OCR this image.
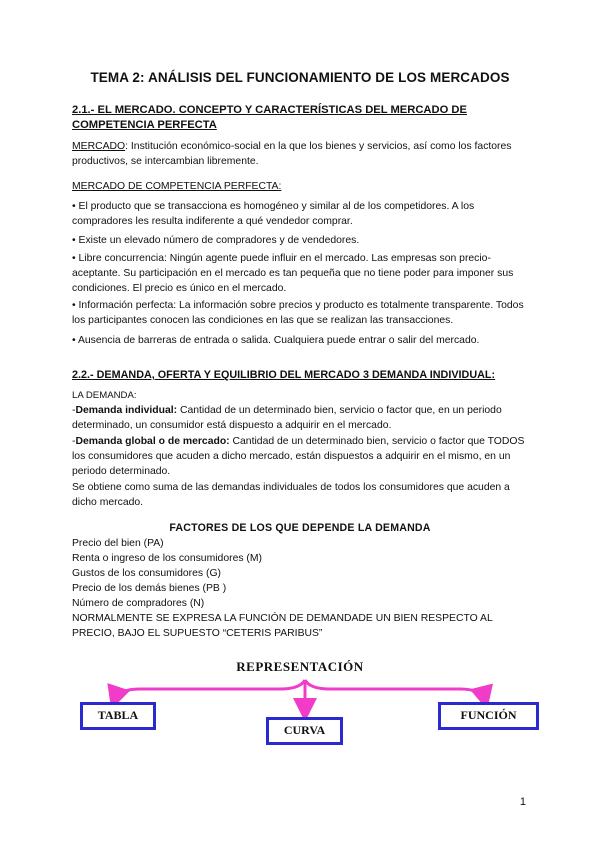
TEMA 2: ANÁLISIS DEL FUNCIONAMIENTO DE LOS MERCADOS
2.1.- EL MERCADO. CONCEPTO Y CARACTERÍSTICAS DEL MERCADO DE
COMPETENCIA PERFECTA
MERCADO: Institución económico-social en la que los bienes y servicios, así como los factores productivos, se intercambian libremente.
MERCADO DE COMPETENCIA PERFECTA:
• El producto que se transacciona es homogéneo y similar al de los competidores. A los compradores les resulta indiferente a qué vendedor comprar.
• Existe un elevado número de compradores y de vendedores.
• Libre concurrencia: Ningún agente puede influir en el mercado. Las empresas son precio-aceptante. Su participación en el mercado es tan pequeña que no tiene poder para imponer sus condiciones. El precio es único en el mercado.
• Información perfecta: La información sobre precios y producto es totalmente transparente. Todos los participantes conocen las condiciones en las que se realizan las transacciones.
• Ausencia de barreras de entrada o salida. Cualquiera puede entrar o salir del mercado.
2.2.- DEMANDA, OFERTA Y EQUILIBRIO DEL MERCADO 3 DEMANDA INDIVIDUAL:
LA DEMANDA:
-Demanda individual: Cantidad de un determinado bien, servicio o factor que, en un periodo determinado, un consumidor está dispuesto a adquirir en el mercado.
-Demanda global o de mercado: Cantidad de un determinado bien, servicio o factor que TODOS los consumidores que acuden a dicho mercado, están dispuestos a adquirir en el mismo, en un periodo determinado.
Se obtiene como suma de las demandas individuales de todos los consumidores que acuden a dicho mercado.
FACTORES DE LOS QUE DEPENDE LA DEMANDA
Precio del bien (PA)
Renta o ingreso de los consumidores (M)
Gustos de los consumidores (G)
Precio de los demás bienes (PB )
Número de compradores (N)
NORMALMENTE SE EXPRESA LA FUNCIÓN DE DEMANDADE UN BIEN RESPECTO AL
PRECIO, BAJO EL SUPUESTO “CETERIS PARIBUS”
REPRESENTACIÓN
TABLA
CURVA
FUNCIÓN
1
